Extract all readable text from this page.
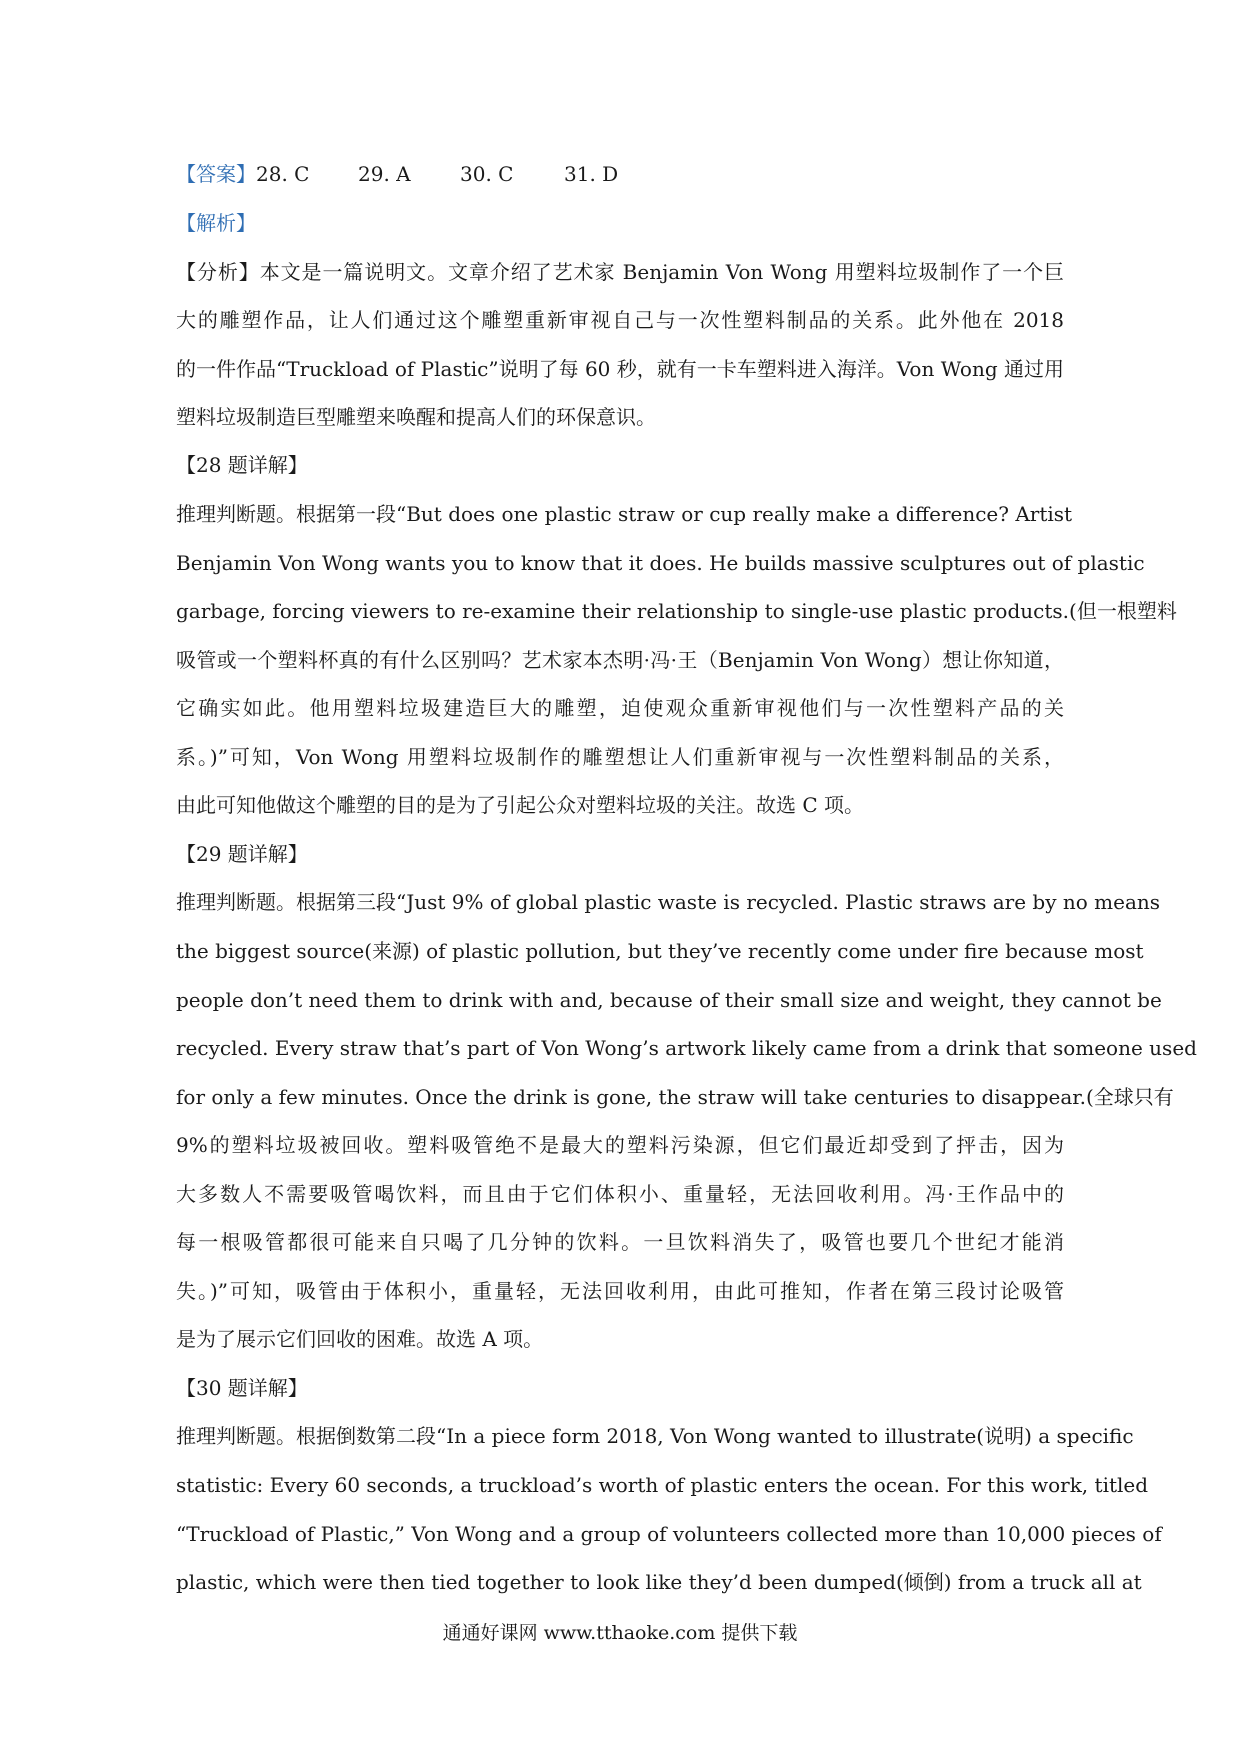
【答案】28. C 29. A 30. C	31. D
【解析】
【分析】本文是一篇说明文。文章介绍了艺术家 Benjamin Von Wong 用塑料垃圾制作了一个巨
大的雕塑作品，让人们通过这个雕塑重新审视自己与一次性塑料制品的关系。此外他在 2018
的一件作品“Truckload of Plastic”说明了每 60 秒，就有一卡车塑料进入海洋。Von Wong 通过用
塑料垃圾制造巨型雕塑来唤醒和提高人们的环保意识。
【28 题详解】
推理判断题。根据第一段“But does one plastic straw or cup really make a difference? Artist
Benjamin Von Wong wants you to know that it does. He builds massive sculptures out of plastic
garbage, forcing viewers to re-examine their relationship to single-use plastic products.(但一根塑料
吸管或一个塑料杯真的有什么区别吗？艺术家本杰明·冯·王（Benjamin Von Wong）想让你知道，
它确实如此。他用塑料垃圾建造巨大的雕塑，迫使观众重新审视他们与一次性塑料产品的关
系。)”可知，Von Wong 用塑料垃圾制作的雕塑想让人们重新审视与一次性塑料制品的关系，
由此可知他做这个雕塑的目的是为了引起公众对塑料垃圾的关注。故选 C 项。
【29 题详解】
推理判断题。根据第三段“Just 9% of global plastic waste is recycled. Plastic straws are by no means
the biggest source(来源) of plastic pollution, but they’ve recently come under fire because most
people don’t need them to drink with and, because of their small size and weight, they cannot be
recycled. Every straw that’s part of Von Wong’s artwork likely came from a drink that someone used
for only a few minutes. Once the drink is gone, the straw will take centuries to disappear.(全球只有
9%的塑料垃圾被回收。塑料吸管绝不是最大的塑料污染源，但它们最近却受到了抨击，因为
大多数人不需要吸管喝饮料，而且由于它们体积小、重量轻，无法回收利用。冯·王作品中的
每一根吸管都很可能来自只喝了几分钟的饮料。一旦饮料消失了，吸管也要几个世纪才能消
失。)”可知，吸管由于体积小，重量轻，无法回收利用，由此可推知，作者在第三段讨论吸管
是为了展示它们回收的困难。故选 A 项。
【30 题详解】
推理判断题。根据倒数第二段“In a piece form 2018, Von Wong wanted to illustrate(说明) a specific
statistic: Every 60 seconds, a truckload’s worth of plastic enters the ocean. For this work, titled
“Truckload of Plastic,” Von Wong and a group of volunteers collected more than 10,000 pieces of
plastic, which were then tied together to look like they’d been dumped(倾倒) from a truck all at
通通好课网 www.tthaoke.com 提供下载
